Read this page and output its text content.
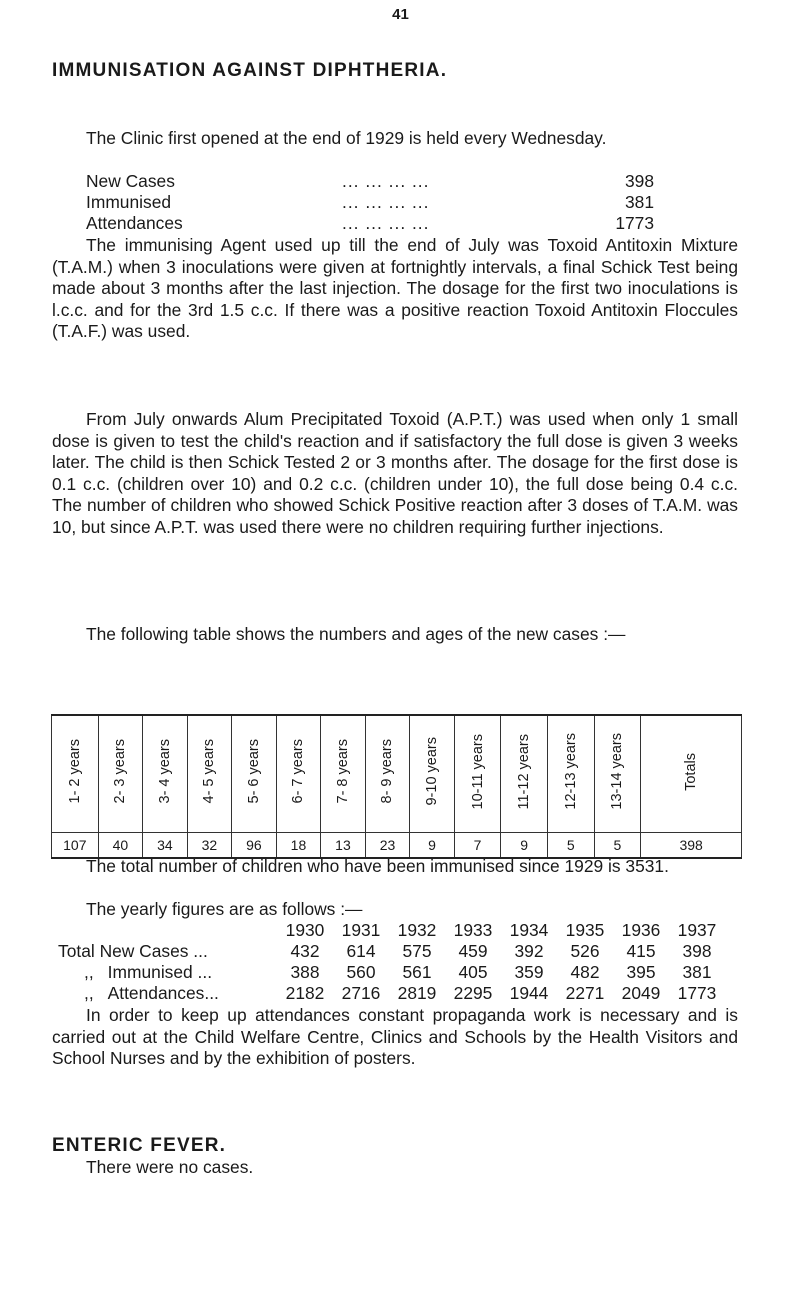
41
IMMUNISATION AGAINST DIPHTHERIA.

The Clinic first opened at the end of 1929 is held every Wednesday.

New Cases	... ... ... ...	398
Immunised	... ... ... ...	381
Attendances	... ... ... ...	1773

The immunising Agent used up till the end of July was Toxoid Antitoxin Mixture (T.A.M.) when 3 inoculations were given at fortnightly intervals, a final Schick Test being made about 3 months after the last injection. The dosage for the first two inoculations is l.c.c. and for the 3rd 1.5 c.c. If there was a positive reaction Toxoid Antitoxin Floccules (T.A.F.) was used.

From July onwards Alum Precipitated Toxoid (A.P.T.) was used when only 1 small dose is given to test the child's reaction and if satisfactory the full dose is given 3 weeks later. The child is then Schick Tested 2 or 3 months after. The dosage for the first dose is 0.1 c.c. (children over 10) and 0.2 c.c. (children under 10), the full dose being 0.4 c.c. The number of children who showed Schick Positive reaction after 3 doses of T.A.M. was 10, but since A.P.T. was used there were no children requiring further injections.

The following table shows the numbers and ages of the new cases :—

1- 2 years	2- 3 years	3- 4 years	4- 5 years	5- 6 years	6- 7 years	7- 8 years	8- 9 years	9-10 years	10-11 years	11-12 years	12-13 years	13-14 years	Totals
107	40	34	32	96	18	13	23	9	7	9	5	5	398

The total number of children who have been immunised since 1929 is 3531.

The yearly figures are as follows :—

1930 1931 1932 1933 1934 1935 1936 1937
Total New Cases ...	432	614	575	459	392	526	415	398
,, Immunised ...	388	560	561	405	359	482	395	381
,, Attendances...	2182 2716 2819 2295 1944 2271 2049 1773

In order to keep up attendances constant propaganda work is necessary and is carried out at the Child Welfare Centre, Clinics and Schools by the Health Visitors and School Nurses and by the exhibition of posters.

ENTERIC FEVER.

There were no cases.
